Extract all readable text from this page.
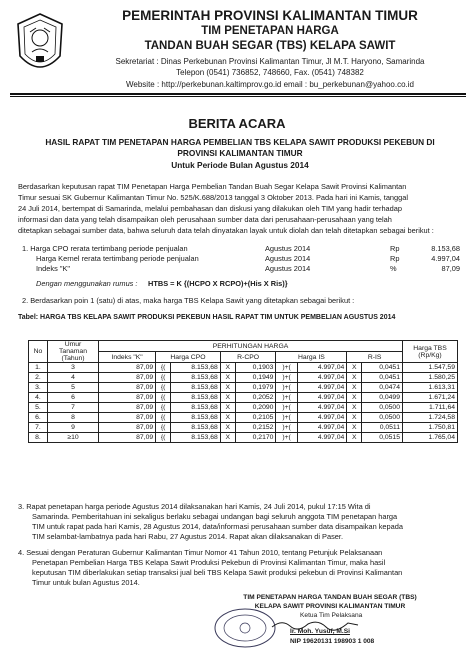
PEMERINTAH PROVINSI KALIMANTAN TIMUR
TIM PENETAPAN HARGA
TANDAN BUAH SEGAR (TBS) KELAPA SAWIT
Sekretariat : Dinas Perkebunan Provinsi Kalimantan Timur, Jl M.T. Haryono, Samarinda
Telepon (0541) 736852, 748660, Fax. (0541) 748382
Website : http://perkebunan.kaltimprov.go.id email : bu_perkebunan@yahoo.co.id
BERITA ACARA
HASIL RAPAT TIM PENETAPAN HARGA PEMBELIAN TBS KELAPA SAWIT PRODUKSI PEKEBUN DI
PROVINSI KALIMANTAN TIMUR
Untuk Periode Bulan Agustus 2014
Berdasarkan keputusan rapat TIM Penetapan Harga Pembelian Tandan Buah Segar Kelapa Sawit Provinsi Kalimantan
Timur sesuai SK Gubernur Kalimantan Timur No. 525/K.688/2013 tanggal 3 Oktober 2013. Pada hari ini Kamis, tanggal
24 Juli 2014, bertempat di Samarinda, melalui pembahasan dan diskusi yang dilakukan oleh TIM yang hadir terhadap
informasi dan data yang telah disampaikan oleh perusahaan sumber data dari perusahaan-perusahaan yang telah
ditetapkan sebagai sumber data, bahwa seluruh data telah dinyatakan layak untuk diolah dan telah ditetapkan sebagai berikut :
1. Harga CPO rerata tertimbang periode penjualan	Agustus 2014	Rp	8.153,68
Harga Kernel rerata tertimbang periode penjualan	Agustus 2014	Rp	4.997,04
Indeks "K"	Agustus 2014	%	87,09
Dengan menggunakan rumus : HTBS = K {(HCPO X RCPO)+(His X Ris)}
2. Berdasarkan poin 1 (satu) di atas, maka harga TBS Kelapa Sawit yang ditetapkan sebagai berikut :
Tabel: HARGA TBS KELAPA SAWIT PRODUKSI PEKEBUN HASIL RAPAT TIM UNTUK PEMBELIAN AGUSTUS 2014
No	Umur Tanaman (Tahun)	PERHITUNGAN HARGA									Harga TBS (Rp/Kg)
		Indeks "K"	Harga CPO		R-CPO		Harga IS		R-IS		
1.	3	87,09	{(	8.153,68	X	0,1903	)+(	4.997,04	X	0,0451	1.547,59
2.	4	87,09	{(	8.153,68	X	0,1949	)+(	4.997,04	X	0,0451	1.580,25
3.	5	87,09	{(	8.153,68	X	0,1979	)+(	4.997,04	X	0,0474	1.613,31
4.	6	87,09	{(	8.153,68	X	0,2052	)+(	4.997,04	X	0,0499	1.671,24
5.	7	87,09	{(	8.153,68	X	0,2090	)+(	4.997,04	X	0,0500	1.711,64
6.	8	87,09	{(	8.153,68	X	0,2105	)+(	4.997,04	X	0,0500	1.724,58
7.	9	87,09	{(	8.153,68	X	0,2152	)+(	4.997,04	X	0,0511	1.750,81
8.	≥10	87,09	{(	8.153,68	X	0,2170	)+(	4.997,04	X	0,0515	1.765,04
3. Rapat penetapan harga periode Agustus 2014 dilaksanakan hari Kamis, 24 Juli 2014, pukul 17:15 Wita di
Samarinda. Pemberitahuan ini sekaligus berlaku sebagai undangan bagi seluruh anggota TIM penetapan harga
TIM untuk rapat pada hari Kamis, 28 Agustus 2014, data/informasi perusahaan sumber data disampaikan kepada
TIM selambat-lambatnya pada hari Rabu, 27 Agustus 2014. Rapat akan dilaksanakan di Paser.
4. Sesuai dengan Peraturan Gubernur Kalimantan Timur Nomor 41 Tahun 2010, tentang Petunjuk Pelaksanaan
Penetapan Pembelian Harga TBS Kelapa Sawit Produksi Pekebun di Provinsi Kalimantan Timur, maka hasil
keputusan TIM diberlakukan setiap transaksi jual beli TBS Kelapa Sawit produksi pekebun di Provinsi Kalimantan
Timur untuk bulan Agustus 2014.
TIM PENETAPAN HARGA TANDAN BUAH SEGAR (TBS)
KELAPA SAWIT PROVINSI KALIMANTAN TIMUR
Ketua Tim Pelaksana
Ir. Moh. Yusuf, M.Si
NIP 19620131 198903 1 008
